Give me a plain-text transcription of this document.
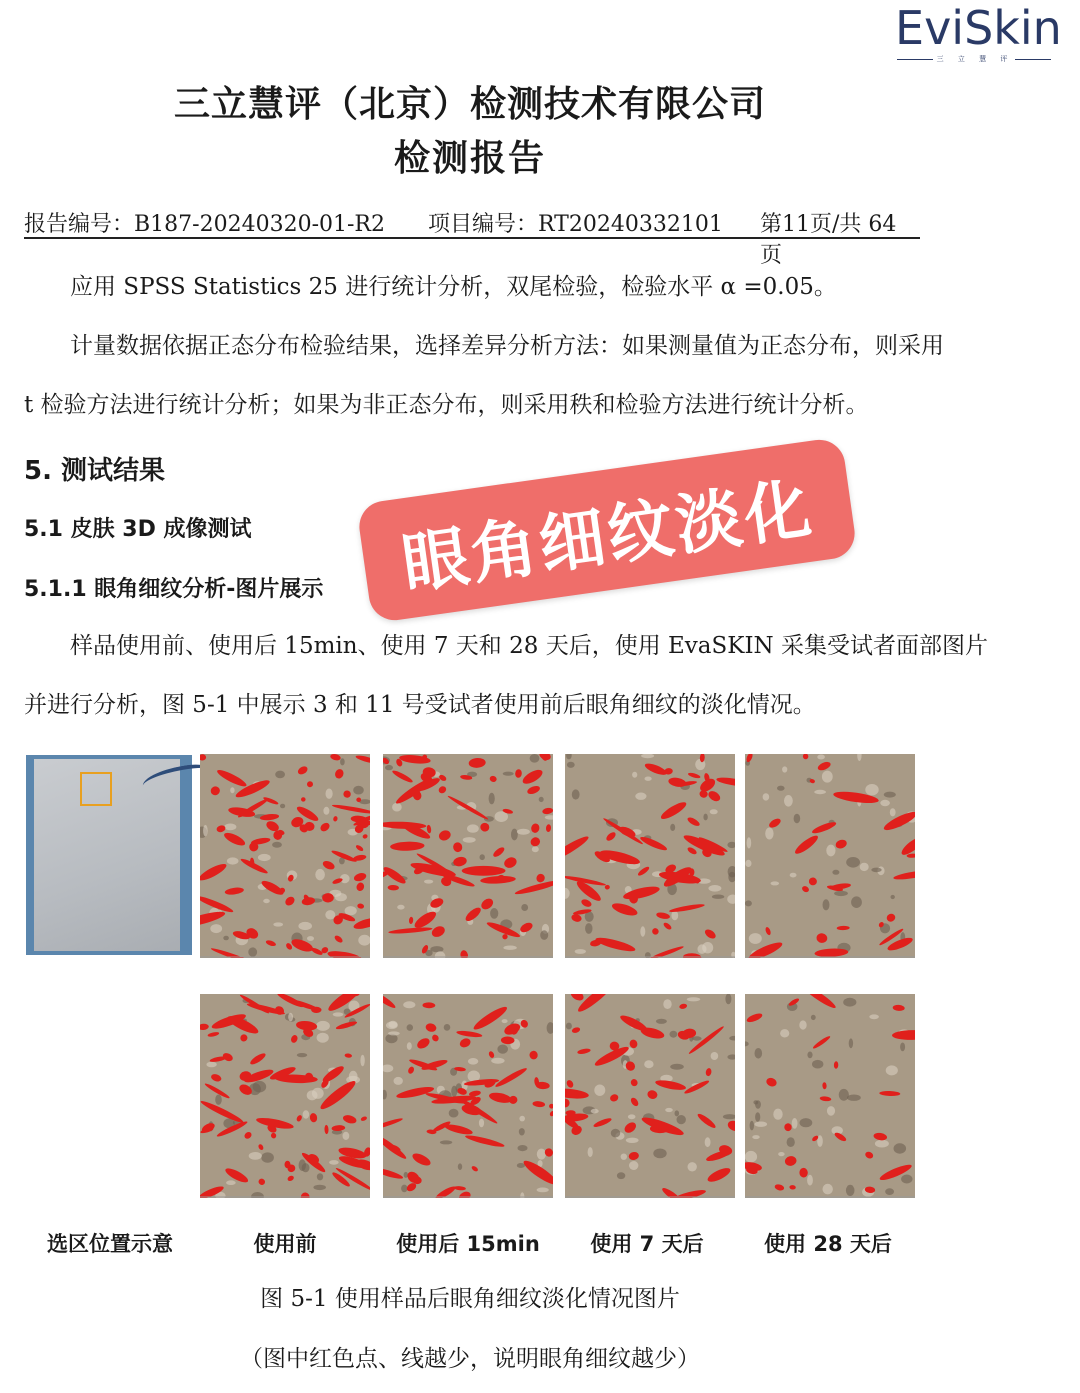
EviSkin
三 立 慧 评
三立慧评（北京）检测技术有限公司
检测报告
报告编号：B187-20240320-01-R2 项目编号：RT20240332101 第11页/共 64 页
应用 SPSS Statistics 25 进行统计分析，双尾检验，检验水平 α =0.05。
计量数据依据正态分布检验结果，选择差异分析方法：如果测量值为正态分布，则采用
t 检验方法进行统计分析；如果为非正态分布，则采用秩和检验方法进行统计分析。
5. 测试结果
5.1 皮肤 3D 成像测试
5.1.1 眼角细纹分析-图片展示
样品使用前、使用后 15min、使用 7 天和 28 天后，使用 EvaSKIN 采集受试者面部图片
并进行分析，图 5-1 中展示 3 和 11 号受试者使用前后眼角细纹的淡化情况。
眼角细纹淡化
选区位置示意	使用前	使用后 15min	使用 7 天后	使用 28 天后
图 5-1 使用样品后眼角细纹淡化情况图片
（图中红色点、线越少，说明眼角细纹越少）
